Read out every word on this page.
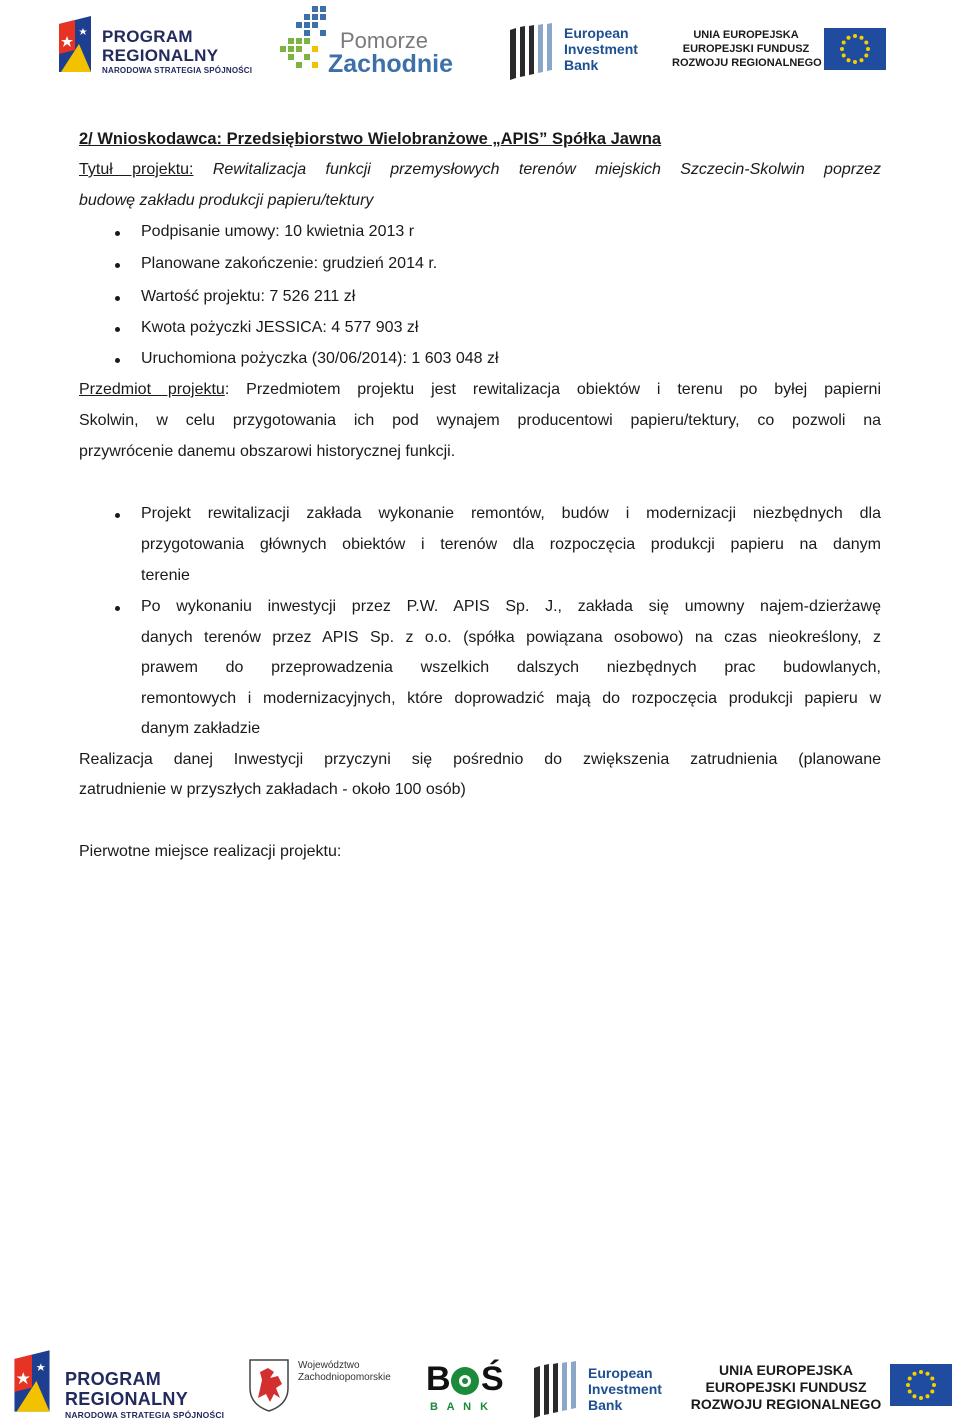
PROGRAM
REGIONALNY
NARODOWA STRATEGIA SPÓJNOŚCI
Pomorze
Zachodnie
European
Investment
Bank
UNIA EUROPEJSKA
EUROPEJSKI FUNDUSZ
ROZWOJU REGIONALNEGO
2/ Wnioskodawca: Przedsiębiorstwo Wielobranżowe „APIS” Spółka Jawna
Tytuł projektu: Rewitalizacja funkcji przemysłowych terenów miejskich Szczecin-Skolwin poprzez
budowę zakładu produkcji papieru/tektury
Podpisanie umowy: 10 kwietnia 2013 r
Planowane zakończenie: grudzień 2014 r.
Wartość projektu: 7 526 211 zł
Kwota pożyczki JESSICA: 4 577 903 zł
Uruchomiona pożyczka (30/06/2014): 1 603 048 zł
Przedmiot projektu: Przedmiotem projektu jest rewitalizacja obiektów i terenu po byłej papierni
Skolwin, w celu przygotowania ich pod wynajem producentowi papieru/tektury, co pozwoli na
przywrócenie danemu obszarowi historycznej funkcji.
Projekt rewitalizacji zakłada wykonanie remontów, budów i modernizacji niezbędnych dla
przygotowania głównych obiektów i terenów dla rozpoczęcia produkcji papieru na danym
terenie
Po wykonaniu inwestycji przez P.W. APIS Sp. J., zakłada się umowny najem-dzierżawę
danych terenów przez APIS Sp. z o.o. (spółka powiązana osobowo) na czas nieokreślony, z
prawem do przeprowadzenia wszelkich dalszych niezbędnych prac budowlanych,
remontowych i modernizacyjnych, które doprowadzić mają do rozpoczęcia produkcji papieru w
danym zakładzie
Realizacja danej Inwestycji przyczyni się pośrednio do zwiększenia zatrudnienia (planowane
zatrudnienie w przyszłych zakładach - około 100 osób)
Pierwotne miejsce realizacji projektu:
PROGRAM
REGIONALNY
NARODOWA STRATEGIA SPÓJNOŚCI
Województwo
Zachodniopomorskie B Ś
B A N K
European
Investment
Bank
UNIA EUROPEJSKA
EUROPEJSKI FUNDUSZ
ROZWOJU REGIONALNEGO
